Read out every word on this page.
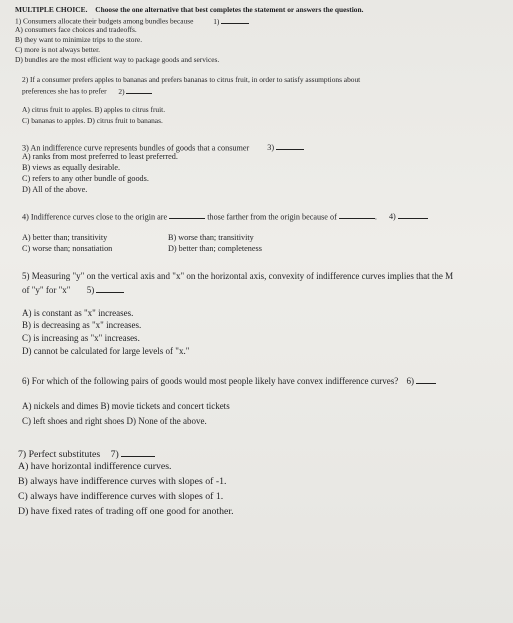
MULTIPLE CHOICE. Choose the one alternative that best completes the statement or answers the question.
1) Consumers allocate their budgets among bundles because	1)
A) consumers face choices and tradeoffs.
B) they want to minimize trips to the store.
C) more is not always better.
D) bundles are the most efficient way to package goods and services.
2) If a consumer prefers apples to bananas and prefers bananas to citrus fruit, in order to satisfy assumptions about
preferences she has to prefer 2)
A) citrus fruit to apples. B) apples to citrus fruit.
C) bananas to apples. D) citrus fruit to bananas.
3) An indifference curve represents bundles of goods that a consumer 3)
A) ranks from most preferred to least preferred.
B) views as equally desirable.
C) refers to any other bundle of goods.
D) All of the above.
4) Indifference curves close to the origin are	those farther from the origin because of	. 4)
A) better than; transitivity	B) worse than; transitivity
C) worse than; nonsatiation	D) better than; completeness
5) Measuring "y" on the vertical axis and "x" on the horizontal axis, convexity of indifference curves implies that the M
of "y" for "x" 5)
A) is constant as "x" increases.
B) is decreasing as "x" increases.
C) is increasing as "x" increases.
D) cannot be calculated for large levels of "x."
6) For which of the following pairs of goods would most people likely have convex indifference curves? 6)
A) nickels and dimes B) movie tickets and concert tickets
C) left shoes and right shoes D) None of the above.
7) Perfect substitutes 7)
A) have horizontal indifference curves.
B) always have indifference curves with slopes of -1.
C) always have indifference curves with slopes of 1.
D) have fixed rates of trading off one good for another.
